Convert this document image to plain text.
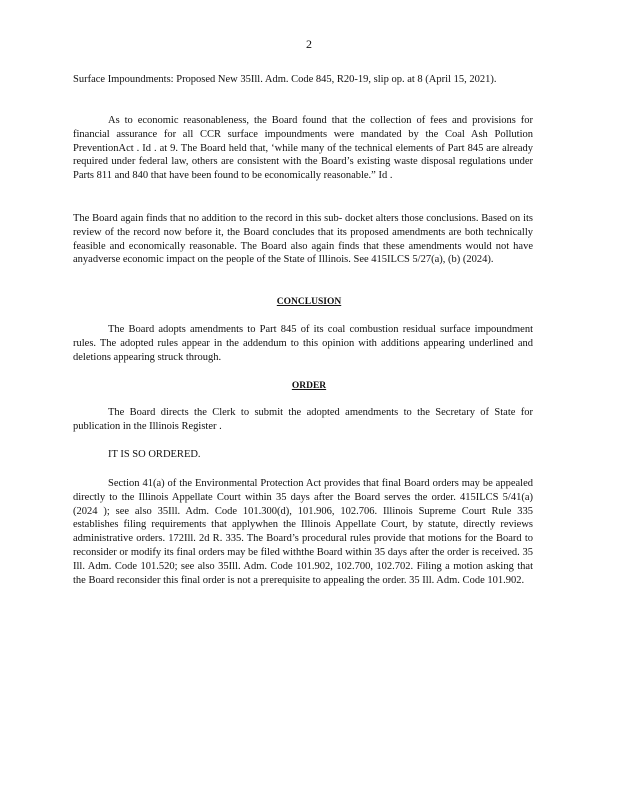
2
Surface Impoundments: Proposed New 35Ill. Adm. Code 845, R20-19, slip op. at 8 (April 15, 2021).
As to economic reasonableness, the Board found that the collection of fees and provisions for financial assurance for all CCR surface impoundments were mandated by the Coal Ash Pollution PreventionAct . Id . at 9. The Board held that, ‘while many of the technical elements of Part 845 are already required under federal law, others are consistent with the Board’s existing waste disposal regulations under Parts 811 and 840 that have been found to be economically reasonable.” Id .
The Board again finds that no addition to the record in this sub- docket alters those conclusions. Based on its review of the record now before it, the Board concludes that its proposed amendments are both technically feasible and economically reasonable. The Board also again finds that these amendments would not have anyadverse economic impact on the people of the State of Illinois. See 415ILCS 5/27(a), (b) (2024).
CONCLUSION
The Board adopts amendments to Part 845 of its coal combustion residual surface impoundment rules. The adopted rules appear in the addendum to this opinion with additions appearing underlined and deletions appearing struck through.
ORDER
The Board directs the Clerk to submit the adopted amendments to the Secretary of State for publication in the Illinois Register .
IT IS SO ORDERED.
Section 41(a) of the Environmental Protection Act provides that final Board orders may be appealed directly to the Illinois Appellate Court within 35 days after the Board serves the order. 415ILCS 5/41(a) (2024 ); see also 35Ill. Adm. Code 101.300(d), 101.906, 102.706. Illinois Supreme Court Rule 335 establishes filing requirements that applywhen the Illinois Appellate Court, by statute, directly reviews administrative orders. 172Ill. 2d R. 335. The Board’s procedural rules provide that motions for the Board to reconsider or modify its final orders may be filed withthe Board within 35 days after the order is received. 35 Ill. Adm. Code 101.520; see also 35Ill. Adm. Code 101.902, 102.700, 102.702. Filing a motion asking that the Board reconsider this final order is not a prerequisite to appealing the order. 35 Ill. Adm. Code 101.902.
